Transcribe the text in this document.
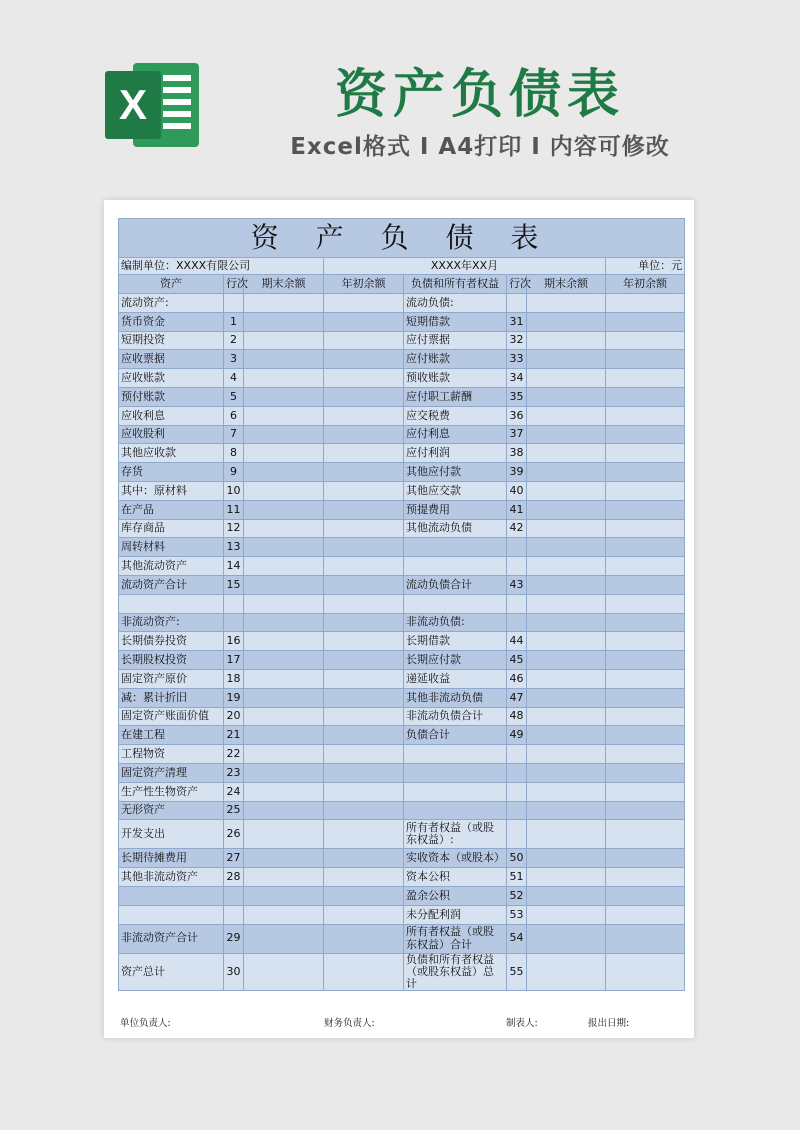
X	资产负债表
Excel格式 I A4打印 I 内容可修改
资 产 负 债 表							
编制单位：XXXX有限公司			XXXX年XX月				单位：元
资产	行次	期末余额	年初余额	负债和所有者权益	行次	期末余额	年初余额
流动资产:				流动负债:			
货币资金	1			短期借款	31		
短期投资	2			应付票据	32		
应收票据	3			应付账款	33		
应收账款	4			预收账款	34		
预付账款	5			应付职工薪酬	35		
应收利息	6			应交税费	36		
应收股利	7			应付利息	37		
其他应收款	8			应付利润	38		
存货	9			其他应付款	39		
其中：原材料	10			其他应交款	40		
在产品	11			预提费用	41		
库存商品	12			其他流动负债	42		
周转材料	13						
其他流动资产	14						
流动资产合计	15			流动负债合计	43		

非流动资产:				非流动负债:			
长期债券投资	16			长期借款	44		
长期股权投资	17			长期应付款	45		
固定资产原价	18			递延收益	46		
减：累计折旧	19			其他非流动负债	47		
固定资产账面价值	20			非流动负债合计	48		
在建工程	21			负债合计	49		
工程物资	22						
固定资产清理	23						
生产性生物资产	24						
无形资产	25						
开发支出	26			所有者权益（或股东权益）:			
长期待摊费用	27			实收资本（或股本）	50		
其他非流动资产	28			资本公积	51		
				盈余公积	52		
				未分配利润	53		
非流动资产合计	29			所有者权益（或股东权益）合计	54		
资产总计	30			负债和所有者权益（或股东权益）总计	55		
单位负责人:	财务负责人:	制表人:	报出日期:
